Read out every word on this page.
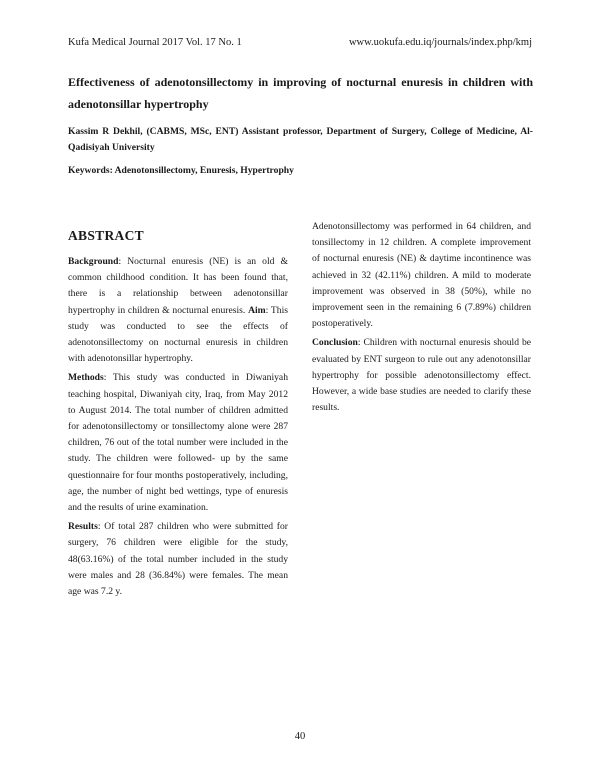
Kufa Medical Journal 2017 Vol. 17 No. 1	www.uokufa.edu.iq/journals/index.php/kmj
Effectiveness of adenotonsillectomy in improving of nocturnal enuresis in children with adenotonsillar hypertrophy
Kassim R Dekhil, (CABMS, MSc, ENT) Assistant professor, Department of Surgery, College of Medicine, Al-Qadisiyah University
Keywords: Adenotonsillectomy, Enuresis, Hypertrophy
ABSTRACT

Background: Nocturnal enuresis (NE) is an old & common childhood condition. It has been found that, there is a relationship between adenotonsillar hypertrophy in children & nocturnal enuresis. Aim: This study was conducted to see the effects of adenotonsillectomy on nocturnal enuresis in children with adenotonsillar hypertrophy.

Methods: This study was conducted in Diwaniyah teaching hospital, Diwaniyah city, Iraq, from May 2012 to August 2014. The total number of children admitted for adenotonsillectomy or tonsillectomy alone were 287 children, 76 out of the total number were included in the study. The children were followed- up by the same questionnaire for four months postoperatively, including, age, the number of night bed wettings, type of enuresis and the results of urine examination.

Results: Of total 287 children who were submitted for surgery, 76 children were eligible for the study, 48(63.16%) of the total number included in the study were males and 28 (36.84%) were females. The mean age was 7.2 y.

Adenotonsillectomy was performed in 64 children, and tonsillectomy in 12 children. A complete improvement of nocturnal enuresis (NE) & daytime incontinence was achieved in 32 (42.11%) children. A mild to moderate improvement was observed in 38 (50%), while no improvement seen in the remaining 6 (7.89%) children postoperatively.

Conclusion: Children with nocturnal enuresis should be evaluated by ENT surgeon to rule out any adenotonsillar hypertrophy for possible adenotonsillectomy effect. However, a wide base studies are needed to clarify these results.

40
